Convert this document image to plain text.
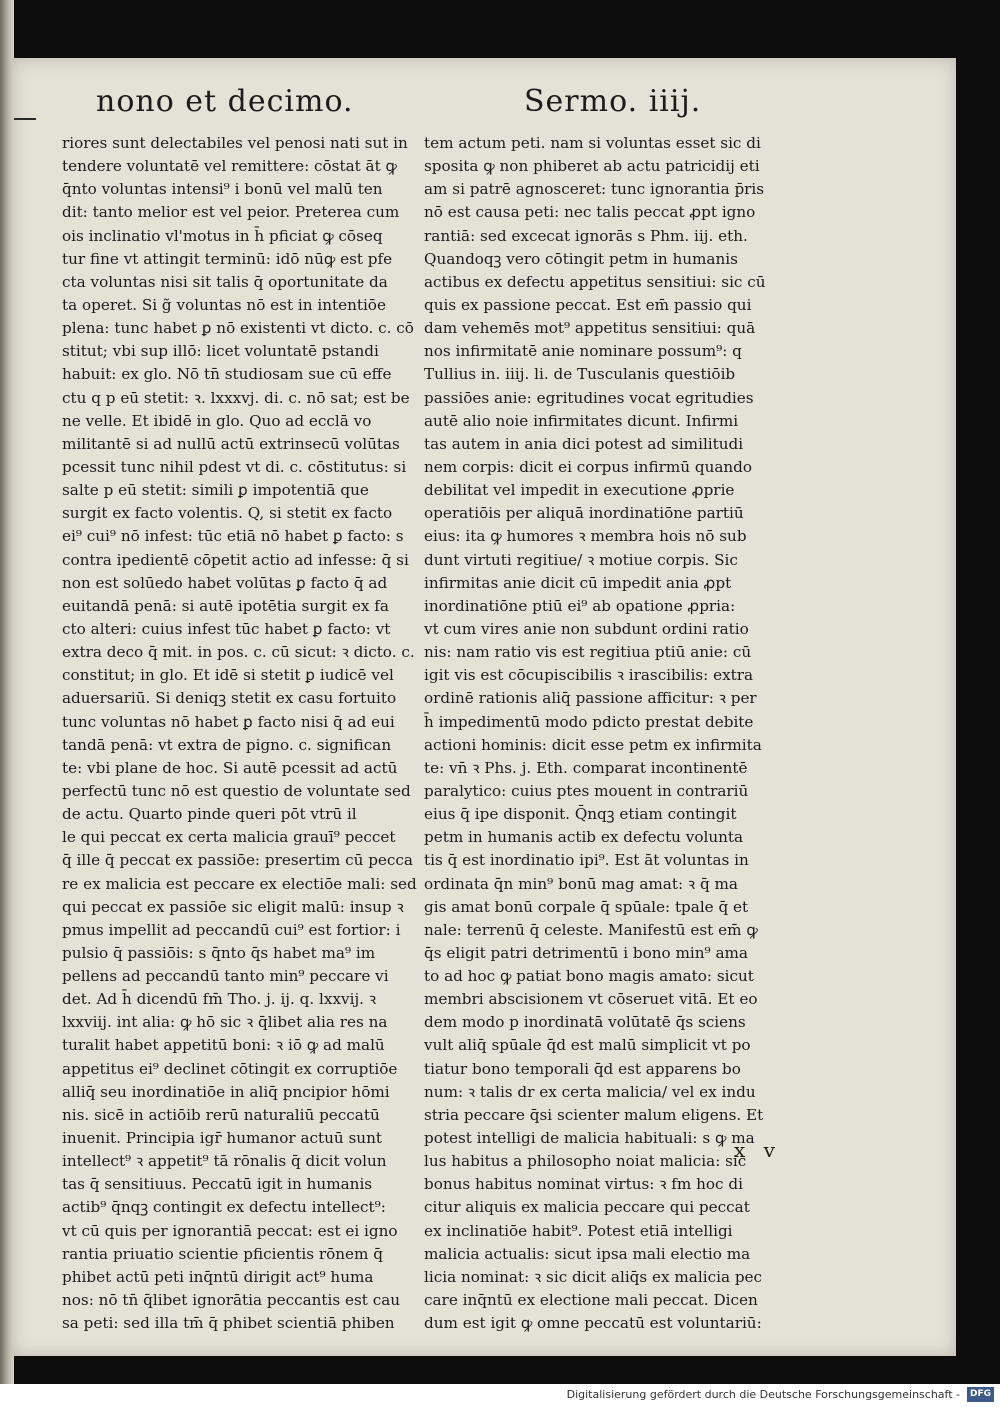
nono et decimo.	Sermo. iiij.
riores sunt delectabiles vel penosi nati sut in
tendere voluntatē vel remittere: cōstat āt ꝙ
q̄nto voluntas intensi⁹ i bonū vel malū ten
dit: tanto melior est vel peior. Preterea cum
ois inclinatio vl'motus in h̄ pficiat ꝙ cōseq
tur fine vt attingit terminū: idō nūꝙ est pfe
cta voluntas nisi sit talis q̄ oportunitate da
ta operet. Si g̃ voluntas nō est in intentiōe
plena: tunc habet ꝑ nō existenti vt dicto. c. cō
stitut; vbi sup illō: licet voluntatē pstandi
habuit: ex glo. Nō tn̄ studiosam sue cū effe
ctu q p eū stetit: ꝛ. lxxxvj. di. c. nō sat; est be
ne velle. Et ibidē in glo. Quo ad ecclā vo
militantē si ad nullū actū extrinsecū volūtas
pcessit tunc nihil pdest vt di. c. cōstitutus: si
salte p eū stetit: simili ꝑ impotentiā que
surgit ex facto volentis. Q, si stetit ex facto
ei⁹ cui⁹ nō infest: tūc etiā nō habet ꝑ facto: s
contra ipedientē cōpetit actio ad infesse: q̄ si
non est solūedo habet volūtas ꝑ facto q̄ ad
euitandā penā: si autē ipotētia surgit ex fa
cto alteri: cuius infest tūc habet ꝑ facto: vt
extra deco q̄ mit. in pos. c. cū sicut: ꝛ dicto. c.
constitut; in glo. Et idē si stetit ꝑ iudicē vel
aduersariū. Si deniqꝫ stetit ex casu fortuito
tunc voluntas nō habet ꝑ facto nisi q̄ ad eui
tandā penā: vt extra de pigno. c. significan
te: vbi plane de hoc. Si autē pcessit ad actū
perfectū tunc nō est questio de voluntate sed
de actu. Quarto pinde queri pōt vtrū il
le qui peccat ex certa malicia grauī⁹ peccet
q̄ ille q̄ peccat ex passiōe: presertim cū pecca
re ex malicia est peccare ex electiōe mali: sed
qui peccat ex passiōe sic eligit malū: insup ꝛ
pmus impellit ad peccandū cui⁹ est fortior: i
pulsio q̄ passiōis: s q̄nto q̄s habet ma⁹ im
pellens ad peccandū tanto min⁹ peccare vi
det. Ad h̄ dicendū fm̄ Tho. j. ij. q. lxxvij. ꝛ
lxxviij. int alia: ꝙ hō sic ꝛ q̄libet alia res na
turalit habet appetitū boni: ꝛ iō ꝙ ad malū
appetitus ei⁹ declinet cōtingit ex corruptiōe
alliq̄ seu inordinatiōe in aliq̄ pncipior hōmi
nis. sicē in actiōib rerū naturaliū peccatū
inuenit. Principia igr̄ humanor actuū sunt
intellect⁹ ꝛ appetit⁹ tā rōnalis q̄ dicit volun
tas q̄ sensitiuus. Peccatū igit in humanis
actib⁹ q̄nqꝫ contingit ex defectu intellect⁹:
vt cū quis per ignorantiā peccat: est ei igno
rantia priuatio scientie pficientis rōnem q̄
phibet actū peti inq̄ntū dirigit act⁹ huma
nos: nō tn̄ q̄libet ignorātia peccantis est cau
sa peti: sed illa tm̄ q̄ phibet scientiā phiben
tem actum peti. nam si voluntas esset sic di
sposita ꝙ non phiberet ab actu patricidij eti
am si patrē agnosceret: tunc ignorantia p̄ris
nō est causa peti: nec talis peccat ꝓpt igno
rantiā: sed excecat ignorās s Phm. iij. eth.
Quandoqꝫ vero cōtingit petm in humanis
actibus ex defectu appetitus sensitiui: sic cū
quis ex passione peccat. Est em̄ passio qui
dam vehemēs mot⁹ appetitus sensitiui: quā
nos infirmitatē anie nominare possum⁹: q
Tullius in. iiij. li. de Tusculanis questiōib
passiōes anie: egritudines vocat egritudies
autē alio noie infirmitates dicunt. Infirmi
tas autem in ania dici potest ad similitudi
nem corpis: dicit ei corpus infirmū quando
debilitat vel impedit in executione ꝓprie
operatiōis per aliquā inordinatiōne partiū
eius: ita ꝙ humores ꝛ membra hois nō sub
dunt virtuti regitiue/ ꝛ motiue corpis. Sic
infirmitas anie dicit cū impedit ania ꝓpt
inordinatiōne ptiū ei⁹ ab opatione ꝓpria:
vt cum vires anie non subdunt ordini ratio
nis: nam ratio vis est regitiua ptiū anie: cū
igit vis est cōcupiscibilis ꝛ irascibilis: extra
ordinē rationis aliq̄ passione afficitur: ꝛ per
h̄ impedimentū modo pdicto prestat debite
actioni hominis: dicit esse petm ex infirmita
te: vn̄ ꝛ Phs. j. Eth. comparat incontinentē
paralytico: cuius ptes mouent in contrariū
eius q̄ ipe disponit. Q̄nqꝫ etiam contingit
petm in humanis actib ex defectu volunta
tis q̄ est inordinatio ipi⁹. Est āt voluntas in
ordinata q̄n min⁹ bonū mag amat: ꝛ q̄ ma
gis amat bonū corpale q̄ spūale: tpale q̄ et
nale: terrenū q̄ celeste. Manifestū est em̄ ꝙ
q̄s eligit patri detrimentū i bono min⁹ ama
to ad hoc ꝙ patiat bono magis amato: sicut
membri abscisionem vt cōseruet vitā. Et eo
dem modo p inordinatā volūtatē q̄s sciens
vult aliq̄ spūale q̄d est malū simplicit vt po
tiatur bono temporali q̄d est apparens bo
num: ꝛ talis dr ex certa malicia/ vel ex indu
stria peccare q̄si scienter malum eligens. Et
potest intelligi de malicia habituali: s ꝙ ma
lus habitus a philosopho noiat malicia: sic
bonus habitus nominat virtus: ꝛ fm hoc di
citur aliquis ex malicia peccare qui peccat
ex inclinatiōe habit⁹. Potest etiā intelligi
malicia actualis: sicut ipsa mali electio ma
licia nominat: ꝛ sic dicit aliq̄s ex malicia pec
care inq̄ntū ex electione mali peccat. Dicen
dum est igit ꝙ omne peccatū est voluntariū:
x v
Digitalisierung gefördert durch die Deutsche Forschungsgemeinschaft -	DFG
